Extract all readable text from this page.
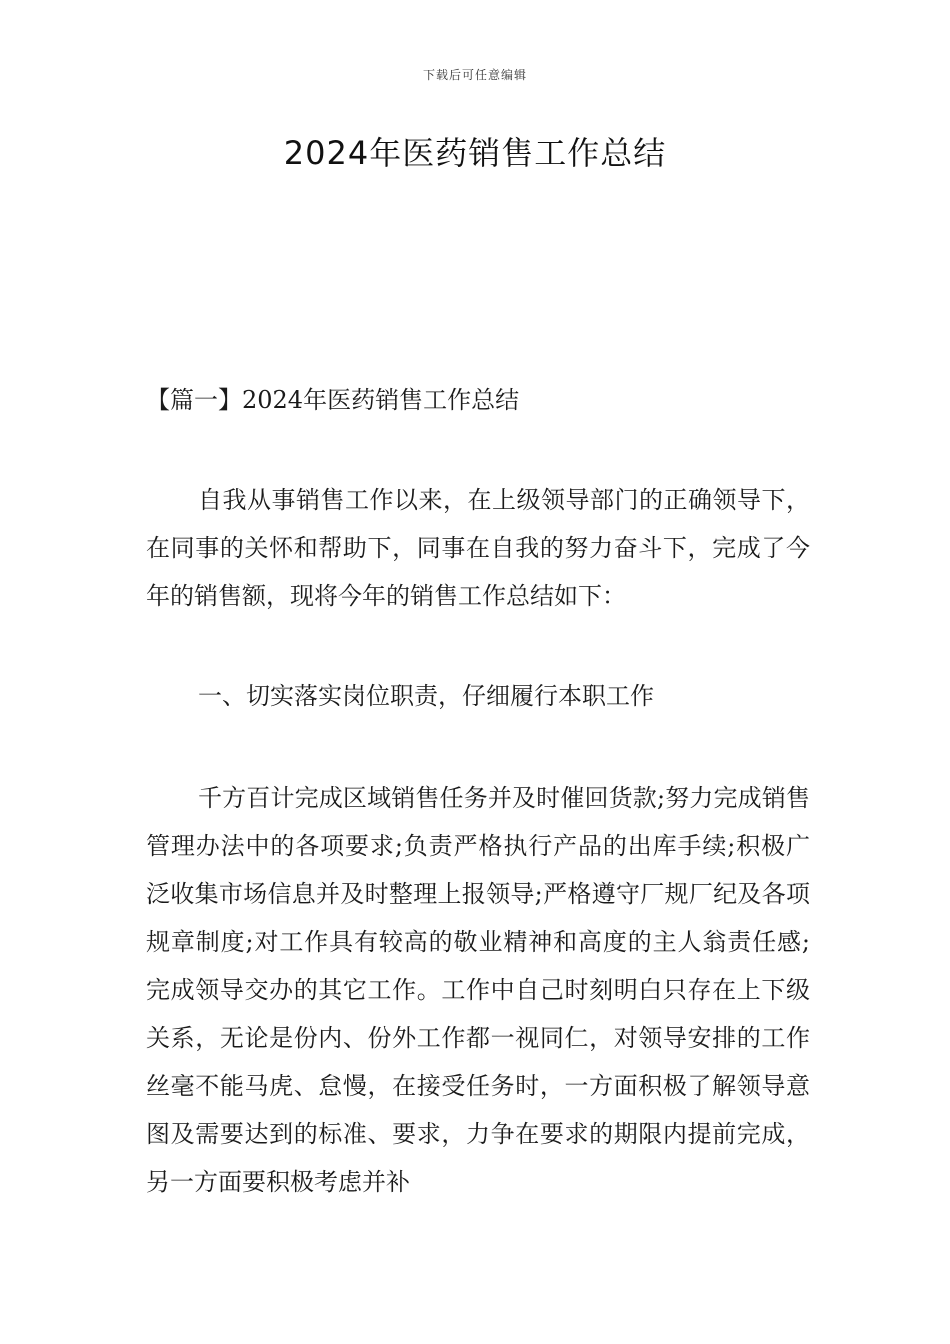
下载后可任意编辑
2024年医药销售工作总结
【篇一】2024年医药销售工作总结

自我从事销售工作以来，在上级领导部门的正确领导下，在同事的关怀和帮助下，同事在自我的努力奋斗下，完成了今年的销售额，现将今年的销售工作总结如下：

一、切实落实岗位职责，仔细履行本职工作

千方百计完成区域销售任务并及时催回货款;努力完成销售管理办法中的各项要求;负责严格执行产品的出库手续;积极广泛收集市场信息并及时整理上报领导;严格遵守厂规厂纪及各项规章制度;对工作具有较高的敬业精神和高度的主人翁责任感;完成领导交办的其它工作。工作中自己时刻明白只存在上下级关系，无论是份内、份外工作都一视同仁，对领导安排的工作丝毫不能马虎、怠慢，在接受任务时，一方面积极了解领导意图及需要达到的标准、要求，力争在要求的期限内提前完成，另一方面要积极考虑并补
